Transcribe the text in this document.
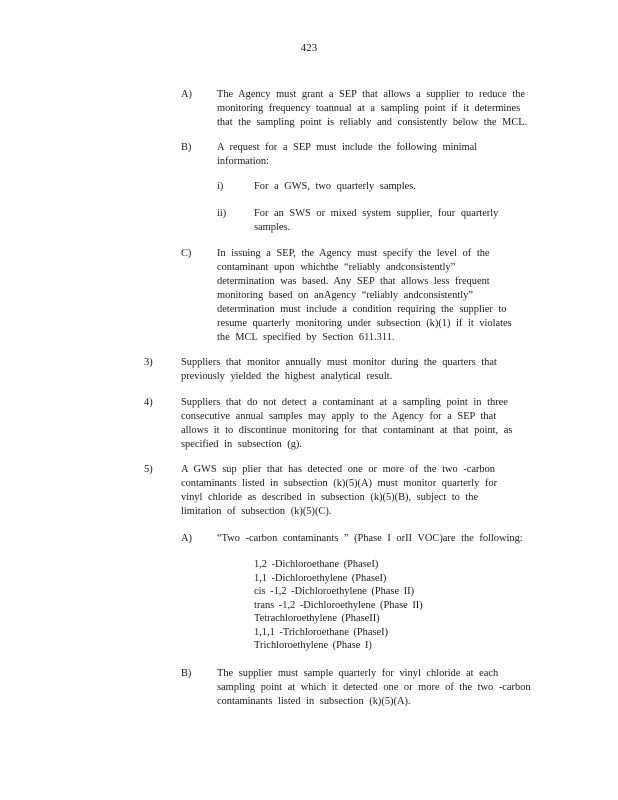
423
A) The Agency must grant a SEP that allows a supplier to reduce the

monitoring frequency toannual at a sampling point if it determines

that the sampling point is reliably and consistently below the MCL.

B) A request for a SEP must include the following minimal

information:

i)	For a GWS, two quarterly samples.

ii)	For an SWS or mixed system supplier, four quarterly

samples.

C) In issuing a SEP, the Agency must specify the level of the

contaminant upon whichthe “reliably andconsistently”

determination was based. Any SEP that allows less frequent

monitoring based on anAgency “reliably andconsistently”

determination must include a condition requiring the supplier to

resume quarterly monitoring under subsection (k)(1) if it violates

the MCL specified by Section 611.311.

3)	Suppliers that monitor annually must monitor during the quarters that

previously yielded the highest analytical result.

4)	Suppliers that do not detect a contaminant at a sampling point in three

consecutive annual samples may apply to the Agency for a SEP that

allows it to discontinue monitoring for that contaminant at that point, as

specified in subsection (g).

5)	A GWS sup plier that has detected one or more of the two -carbon

contaminants listed in subsection (k)(5)(A) must monitor quarterly for

vinyl chloride as described in subsection (k)(5)(B), subject to the

limitation of subsection (k)(5)(C).

A) “Two -carbon contaminants ” (Phase I orII VOC)are the following:

1,2 -Dichloroethane (PhaseI)
1,1 -Dichloroethylene (PhaseI)
cis -1,2 -Dichloroethylene (Phase II)
trans -1,2 -Dichloroethylene (Phase II)
Tetrachloroethylene (PhaseII)
1,1,1 -Trichloroethane (PhaseI)
Trichloroethylene (Phase I)
B) The supplier must sample quarterly for vinyl chloride at each

sampling point at which it detected one or more of the two -carbon

contaminants listed in subsection (k)(5)(A).
